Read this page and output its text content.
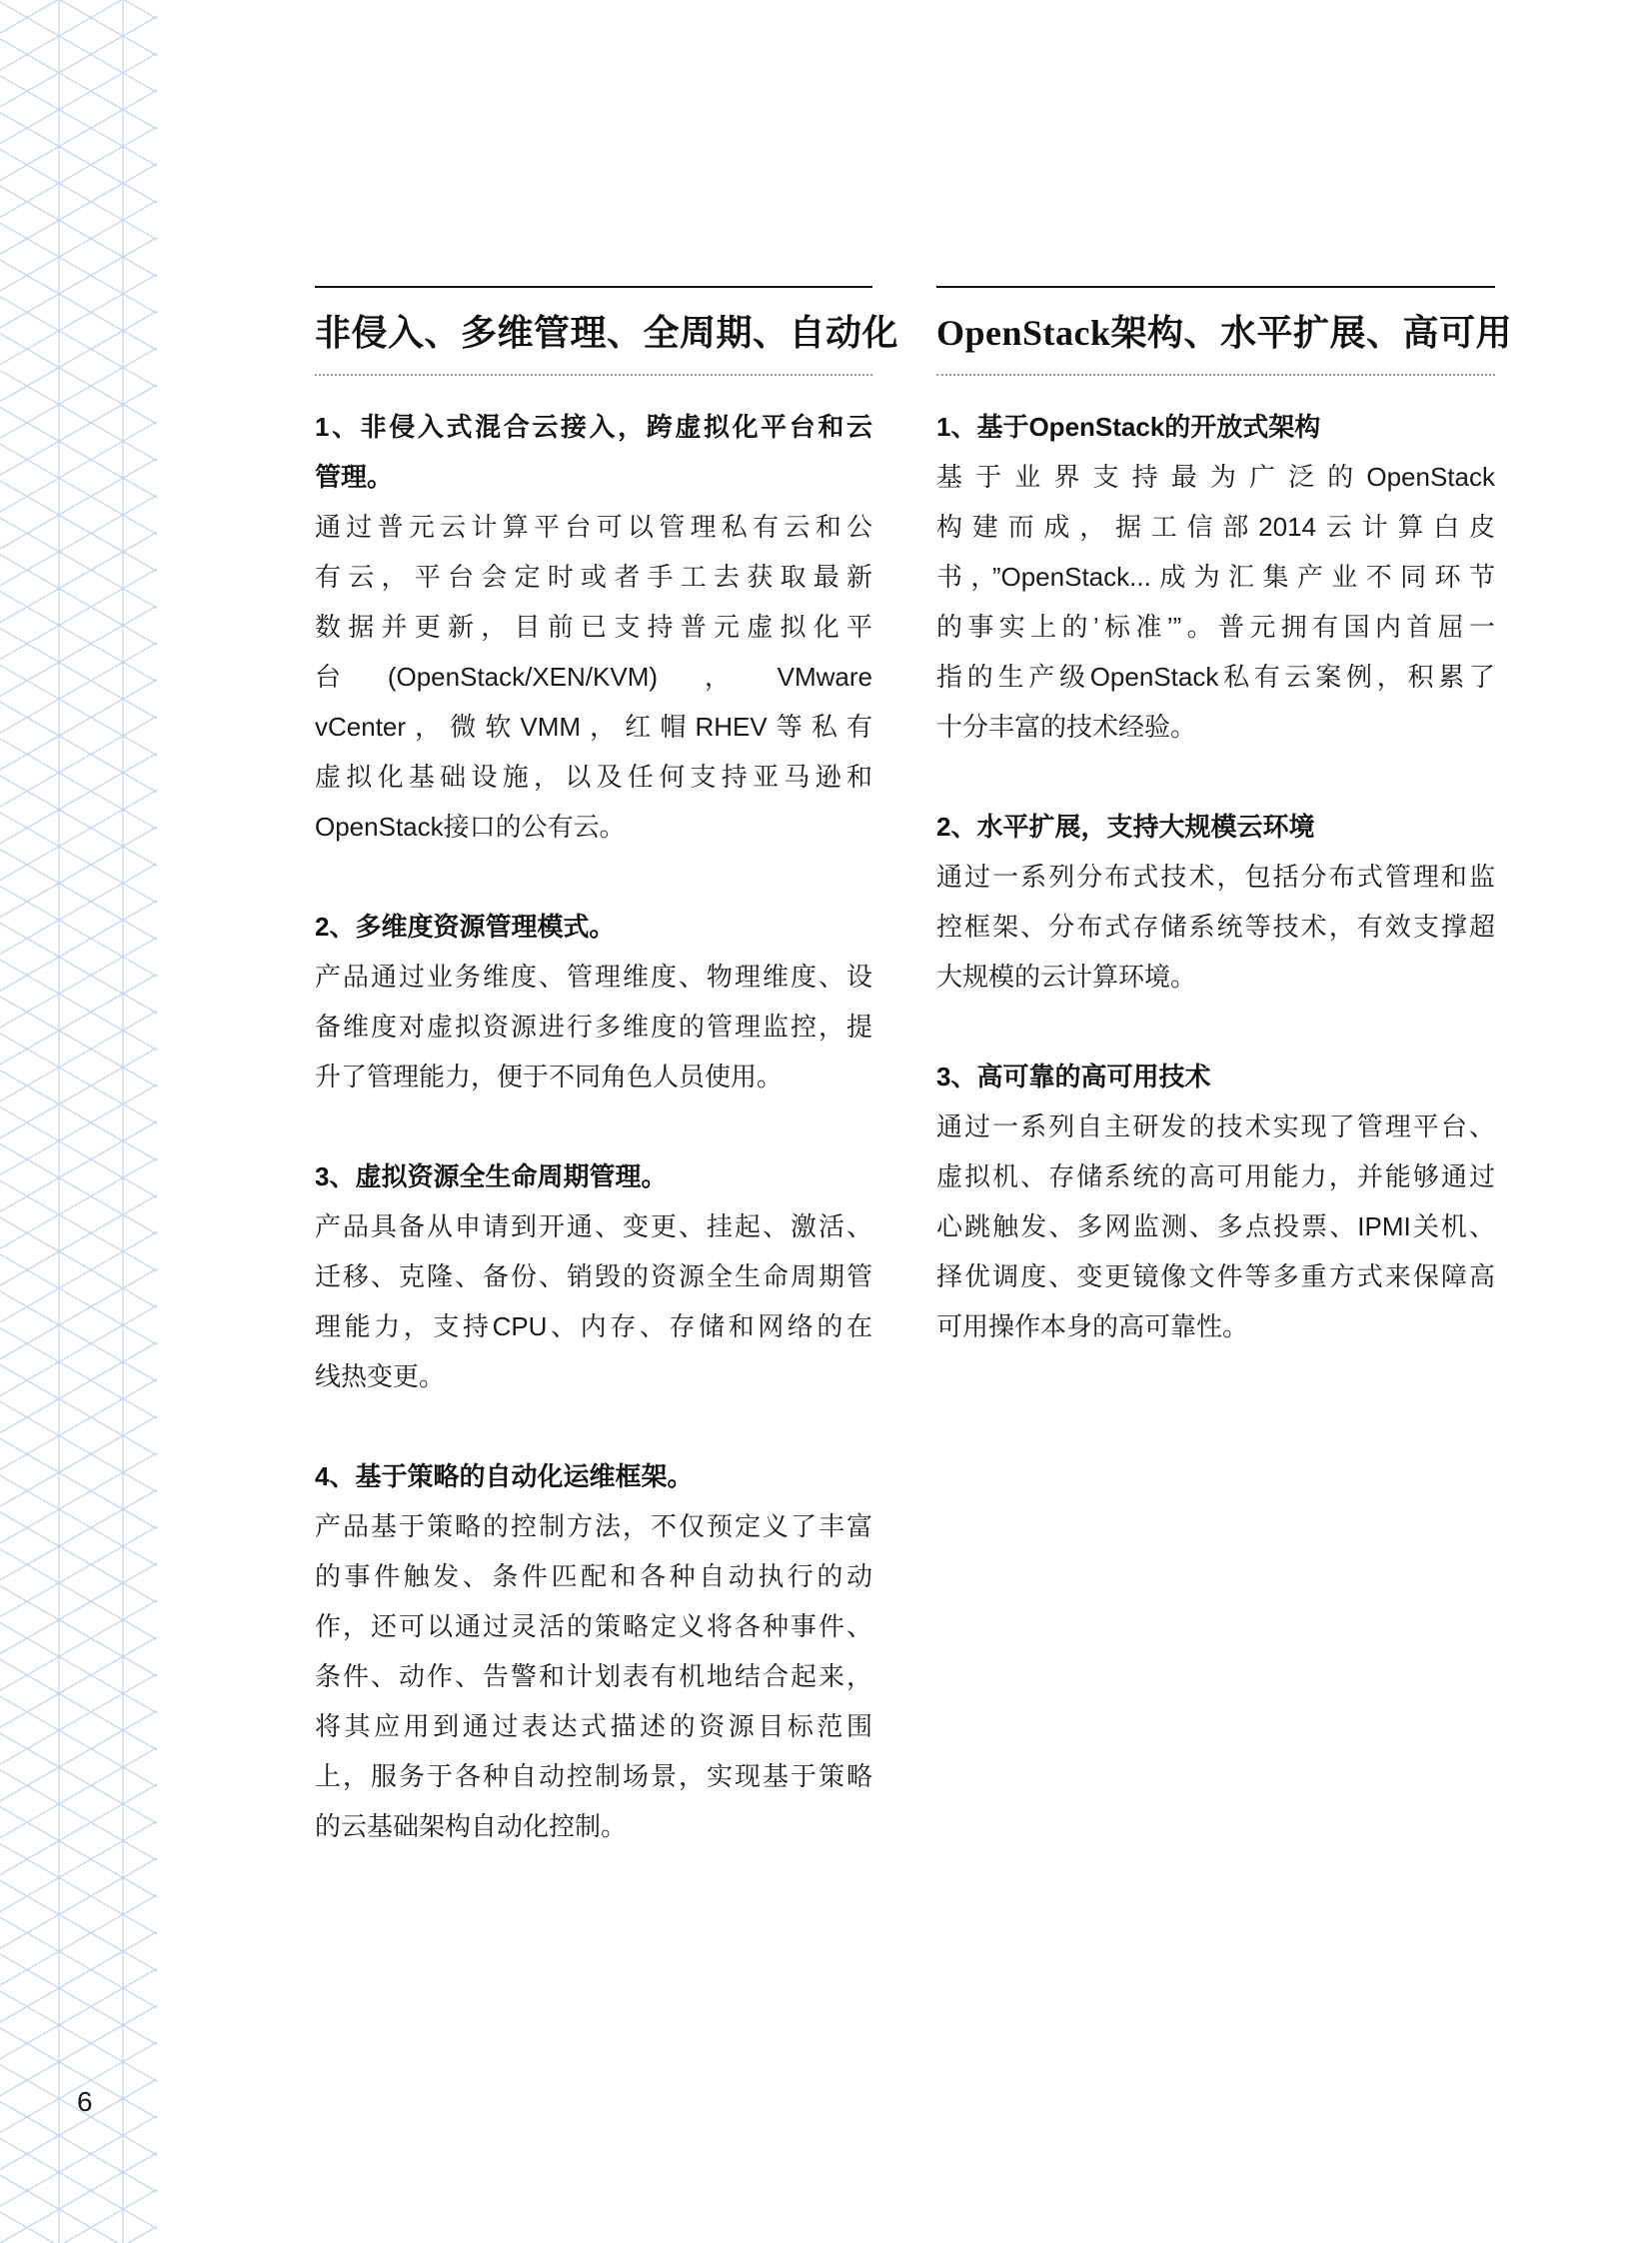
6
非侵入、多维管理、全周期、自动化
1、非侵入式混合云接入，跨虚拟化平台和云
管理。
通过普元云计算平台可以管理私有云和公
有云，平台会定时或者手工去获取最新
数据并更新，目前已支持普元虚拟化平
台(OpenStack/XEN/KVM)，VMware
vCenter，微软VMM，红帽RHEV等私有
虚拟化基础设施，以及任何支持亚马逊和
OpenStack接口的公有云。
2、多维度资源管理模式。
产品通过业务维度、管理维度、物理维度、设
备维度对虚拟资源进行多维度的管理监控，提
升了管理能力，便于不同角色人员使用。
3、虚拟资源全生命周期管理。
产品具备从申请到开通、变更、挂起、激活、
迁移、克隆、备份、销毁的资源全生命周期管
理能力，支持CPU、内存、存储和网络的在
线热变更。
4、基于策略的自动化运维框架。
产品基于策略的控制方法，不仅预定义了丰富
的事件触发、条件匹配和各种自动执行的动
作，还可以通过灵活的策略定义将各种事件、
条件、动作、告警和计划表有机地结合起来，
将其应用到通过表达式描述的资源目标范围
上，服务于各种自动控制场景，实现基于策略
的云基础架构自动化控制。
OpenStack架构、水平扩展、高可用
1、基于OpenStack的开放式架构
基于业界支持最为广泛的OpenStack
构建而成，据工信部2014云计算白皮
书，”OpenStack...成为汇集产业不同环节
的事实上的’标准’”。普元拥有国内首屈一
指的生产级OpenStack私有云案例，积累了
十分丰富的技术经验。
2、水平扩展，支持大规模云环境
通过一系列分布式技术，包括分布式管理和监
控框架、分布式存储系统等技术，有效支撑超
大规模的云计算环境。
3、高可靠的高可用技术
通过一系列自主研发的技术实现了管理平台、
虚拟机、存储系统的高可用能力，并能够通过
心跳触发、多网监测、多点投票、IPMI关机、
择优调度、变更镜像文件等多重方式来保障高
可用操作本身的高可靠性。
